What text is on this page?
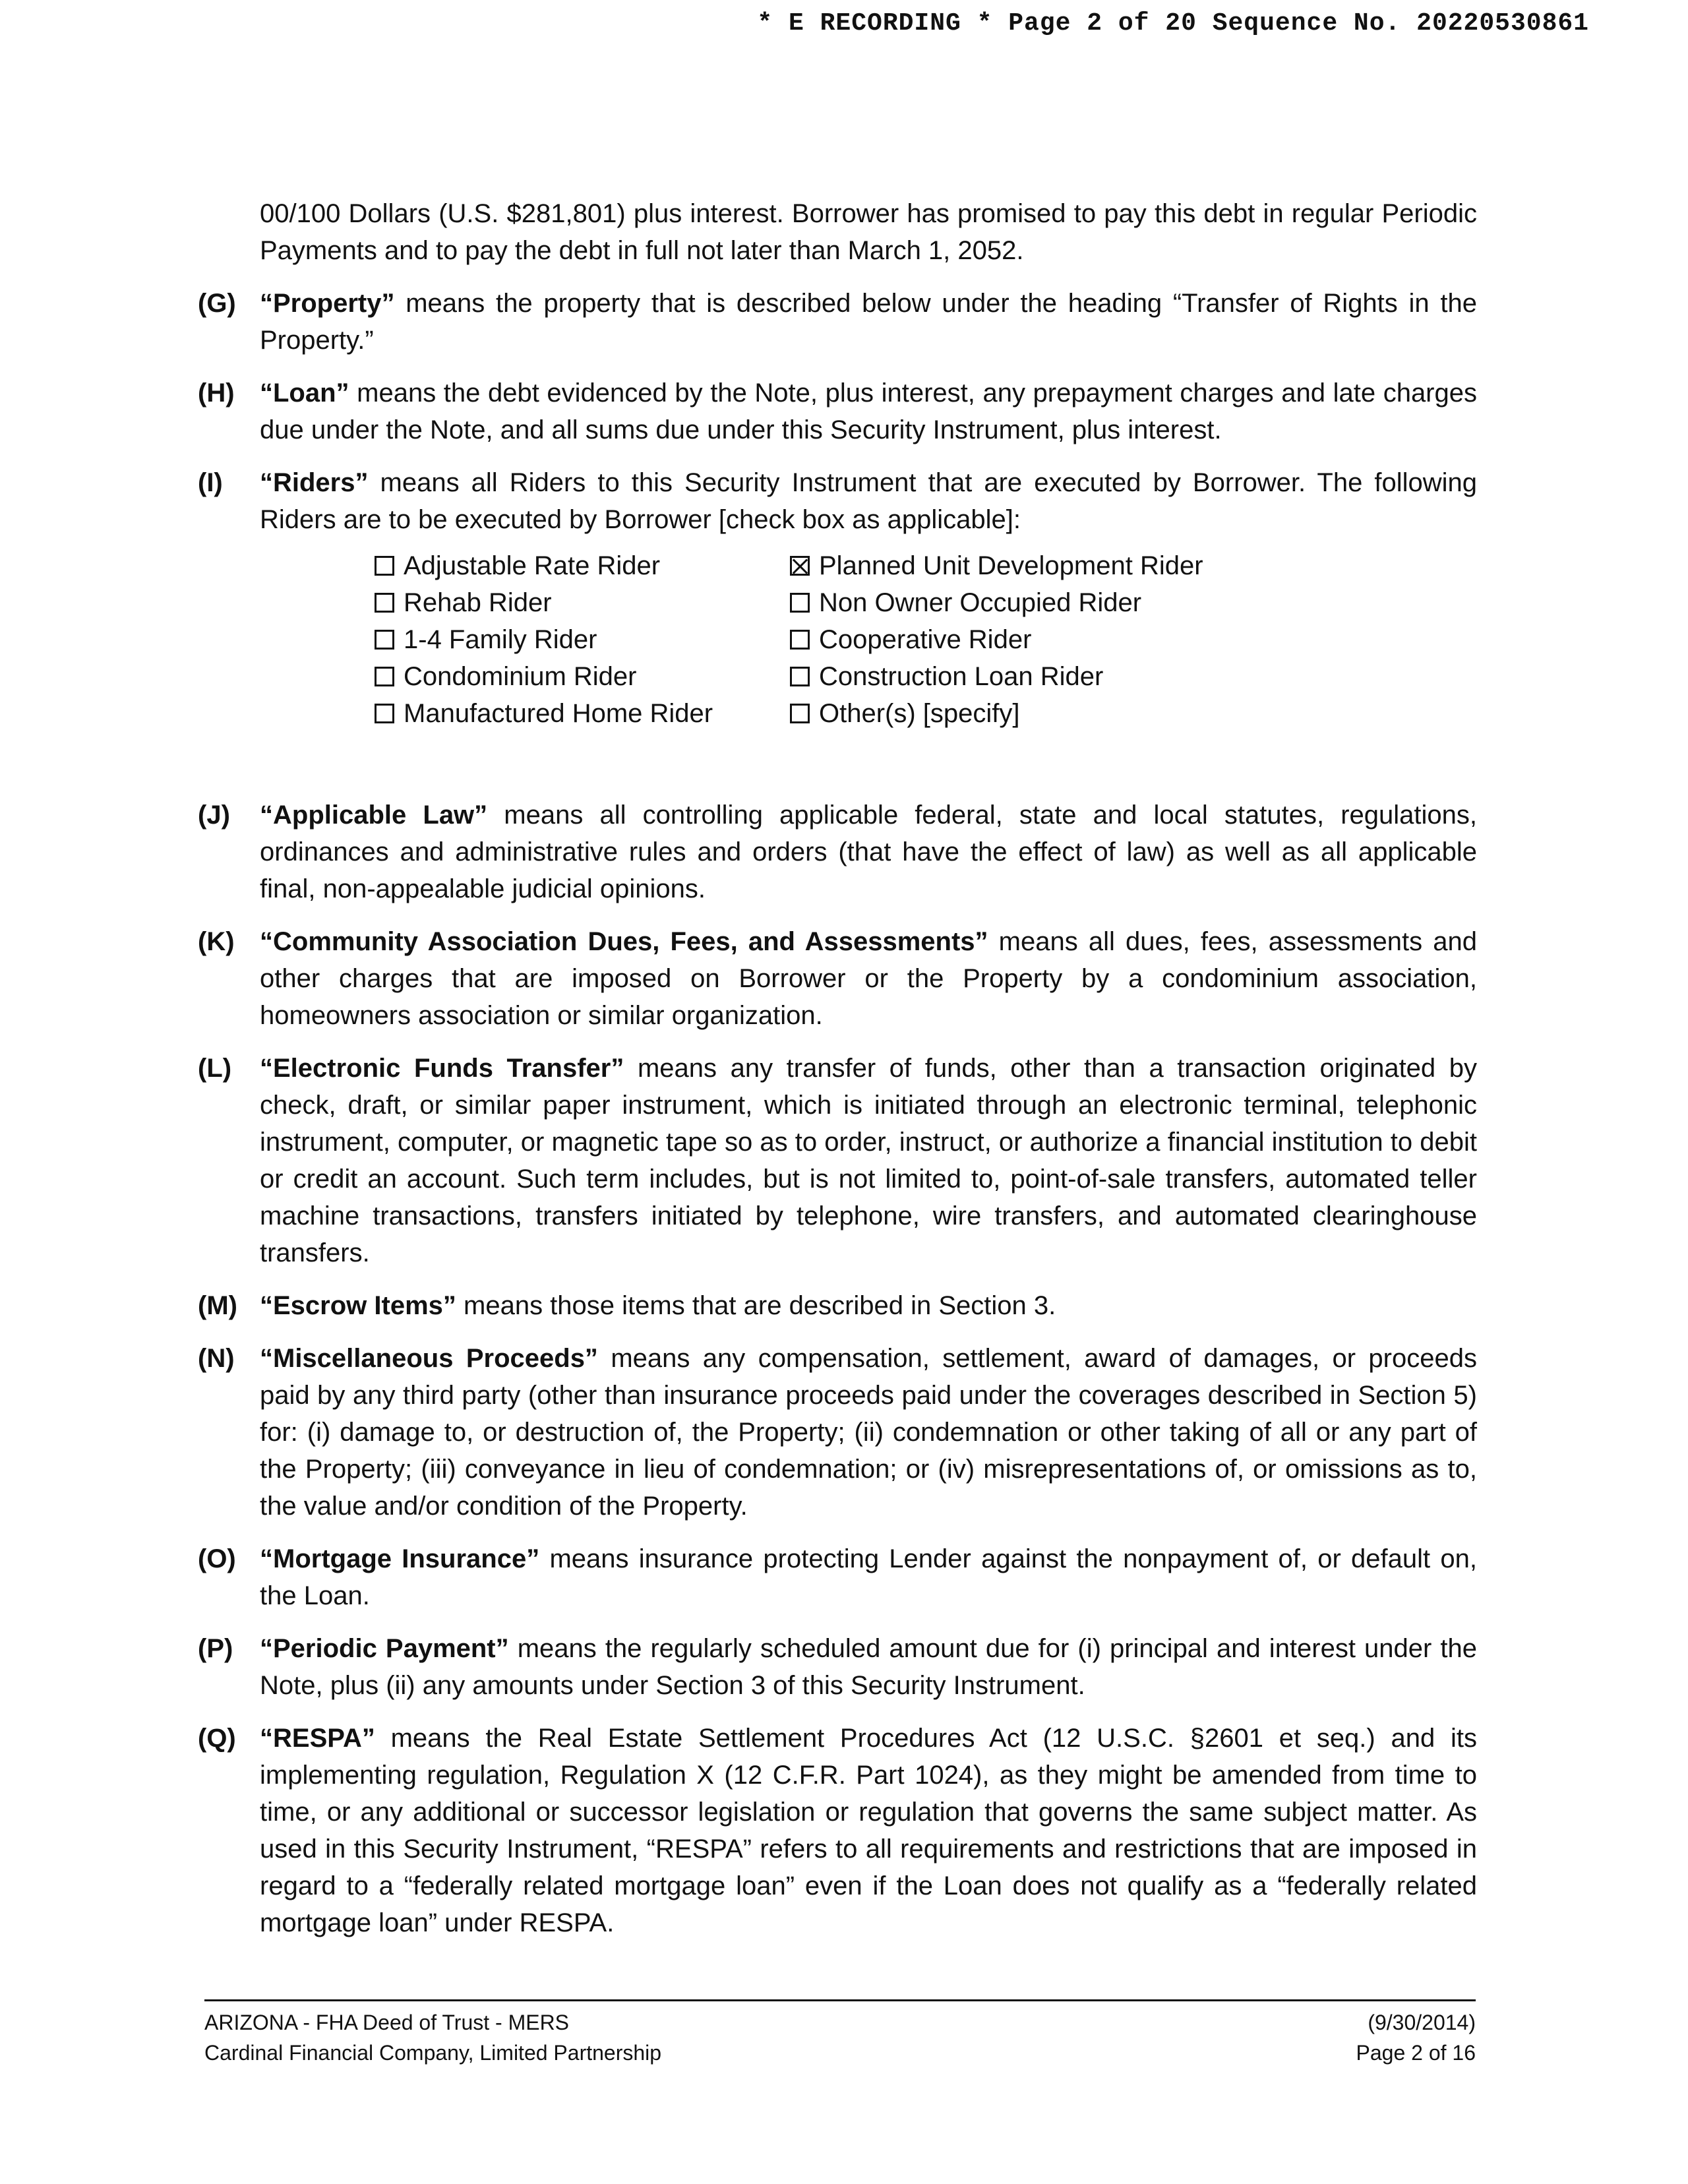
* E RECORDING * Page 2 of 20 Sequence No. 20220530861

00/100 Dollars (U.S. $281,801) plus interest. Borrower has promised to pay this debt in regular Periodic Payments and to pay the debt in full not later than March 1, 2052.

(G) “Property” means the property that is described below under the heading “Transfer of Rights in the Property.”

(H) “Loan” means the debt evidenced by the Note, plus interest, any prepayment charges and late charges due under the Note, and all sums due under this Security Instrument, plus interest.

(I) “Riders” means all Riders to this Security Instrument that are executed by Borrower. The following Riders are to be executed by Borrower [check box as applicable]:

Adjustable Rate Rider	Planned Unit Development Rider
Rehab Rider	Non Owner Occupied Rider
1-4 Family Rider	Cooperative Rider
Condominium Rider	Construction Loan Rider
Manufactured Home Rider	Other(s) [specify]

(J) “Applicable Law” means all controlling applicable federal, state and local statutes, regulations, ordinances and administrative rules and orders (that have the effect of law) as well as all applicable final, non-appealable judicial opinions.

(K) “Community Association Dues, Fees, and Assessments” means all dues, fees, assessments and other charges that are imposed on Borrower or the Property by a condominium association, homeowners association or similar organization.

(L) “Electronic Funds Transfer” means any transfer of funds, other than a transaction originated by check, draft, or similar paper instrument, which is initiated through an electronic terminal, telephonic instrument, computer, or magnetic tape so as to order, instruct, or authorize a financial institution to debit or credit an account. Such term includes, but is not limited to, point-of-sale transfers, automated teller machine transactions, transfers initiated by telephone, wire transfers, and automated clearinghouse transfers.

(M) “Escrow Items” means those items that are described in Section 3.

(N) “Miscellaneous Proceeds” means any compensation, settlement, award of damages, or proceeds paid by any third party (other than insurance proceeds paid under the coverages described in Section 5) for: (i) damage to, or destruction of, the Property; (ii) condemnation or other taking of all or any part of the Property; (iii) conveyance in lieu of condemnation; or (iv) misrepresentations of, or omissions as to, the value and/or condition of the Property.

(O) “Mortgage Insurance” means insurance protecting Lender against the nonpayment of, or default on, the Loan.

(P) “Periodic Payment” means the regularly scheduled amount due for (i) principal and interest under the Note, plus (ii) any amounts under Section 3 of this Security Instrument.

(Q) “RESPA” means the Real Estate Settlement Procedures Act (12 U.S.C. §2601 et seq.) and its implementing regulation, Regulation X (12 C.F.R. Part 1024), as they might be amended from time to time, or any additional or successor legislation or regulation that governs the same subject matter. As used in this Security Instrument, “RESPA” refers to all requirements and restrictions that are imposed in regard to a “federally related mortgage loan” even if the Loan does not qualify as a “federally related mortgage loan” under RESPA.

ARIZONA - FHA Deed of Trust - MERS	(9/30/2014)
Cardinal Financial Company, Limited Partnership	Page 2 of 16
